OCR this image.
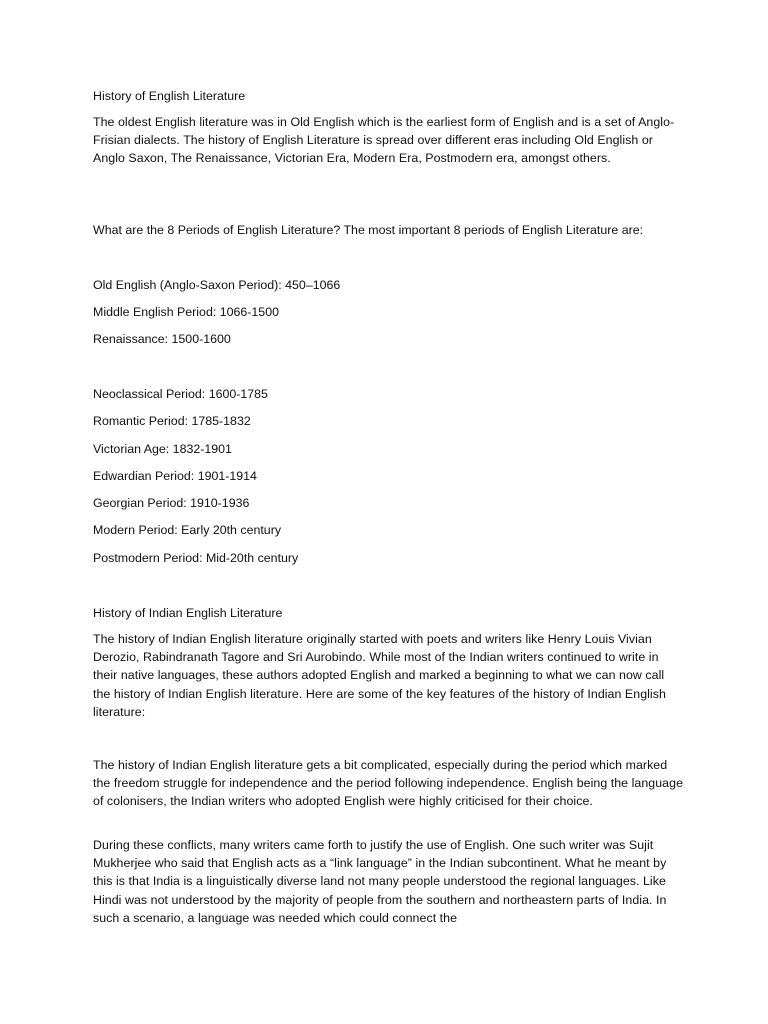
History of English Literature
The oldest English literature was in Old English which is the earliest form of English and is a set of Anglo-Frisian dialects. The history of English Literature is spread over different eras including Old English or Anglo Saxon, The Renaissance, Victorian Era, Modern Era, Postmodern era, amongst others.
What are the 8 Periods of English Literature? The most important 8 periods of English Literature are:
Old English (Anglo-Saxon Period): 450–1066
Middle English Period: 1066-1500
Renaissance: 1500-1600
Neoclassical Period: 1600-1785
Romantic Period: 1785-1832
Victorian Age: 1832-1901
Edwardian Period: 1901-1914
Georgian Period: 1910-1936
Modern Period: Early 20th century
Postmodern Period: Mid-20th century
History of Indian English Literature
The history of Indian English literature originally started with poets and writers like Henry Louis Vivian Derozio, Rabindranath Tagore and Sri Aurobindo. While most of the Indian writers continued to write in their native languages, these authors adopted English and marked a beginning to what we can now call the history of Indian English literature. Here are some of the key features of the history of Indian English literature:
The history of Indian English literature gets a bit complicated, especially during the period which marked the freedom struggle for independence and the period following independence. English being the language of colonisers, the Indian writers who adopted English were highly criticised for their choice.
During these conflicts, many writers came forth to justify the use of English. One such writer was Sujit Mukherjee who said that English acts as a “link language” in the Indian subcontinent. What he meant by this is that India is a linguistically diverse land not many people understood the regional languages. Like Hindi was not understood by the majority of people from the southern and northeastern parts of India. In such a scenario, a language was needed which could connect the
